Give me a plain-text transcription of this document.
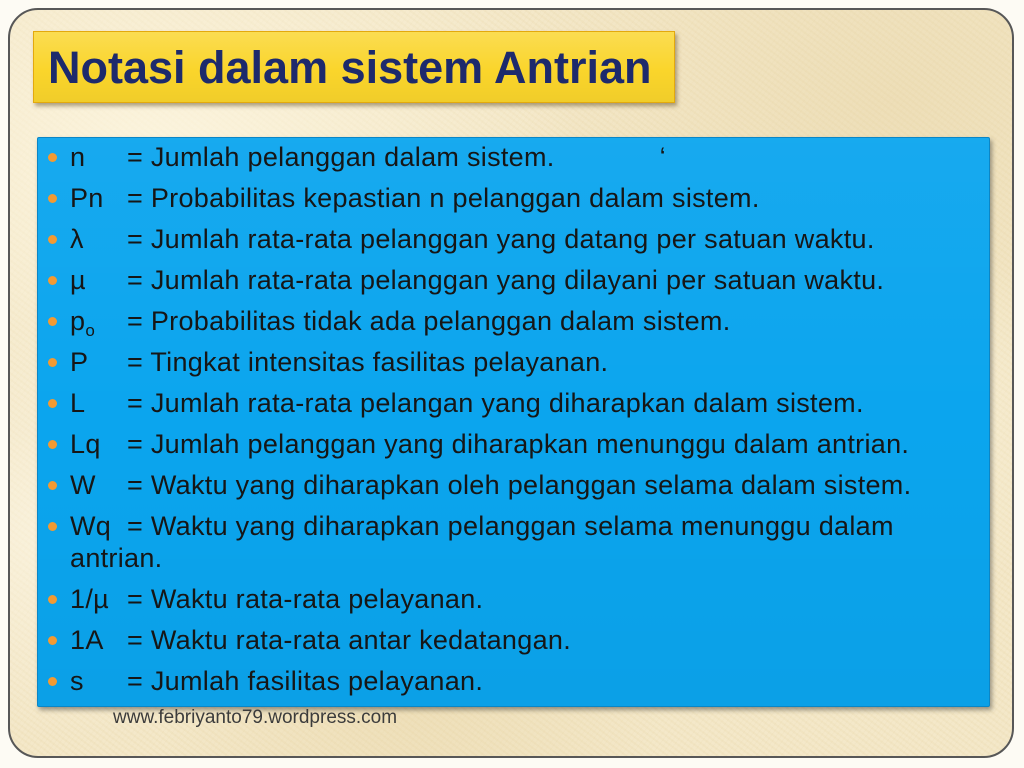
Notasi dalam sistem Antrian
n = Jumlah pelanggan dalam sistem.	‘
Pn = Probabilitas kepastian n pelanggan dalam sistem.
λ = Jumlah rata-rata pelanggan yang datang per satuan waktu.
µ = Jumlah rata-rata pelanggan yang dilayani per satuan waktu.
$p_o$ = Probabilitas tidak ada pelanggan dalam sistem.
P = Tingkat intensitas fasilitas pelayanan.
L = Jumlah rata-rata pelangan yang diharapkan dalam sistem.
Lq = Jumlah pelanggan yang diharapkan menunggu dalam antrian.
W = Waktu yang diharapkan oleh pelanggan selama dalam sistem.
Wq = Waktu yang diharapkan pelanggan selama menunggu dalam antrian.
1/µ = Waktu rata-rata pelayanan.
1A = Waktu rata-rata antar kedatangan.
s = Jumlah fasilitas pelayanan.
www.febriyanto79.wordpress.com
